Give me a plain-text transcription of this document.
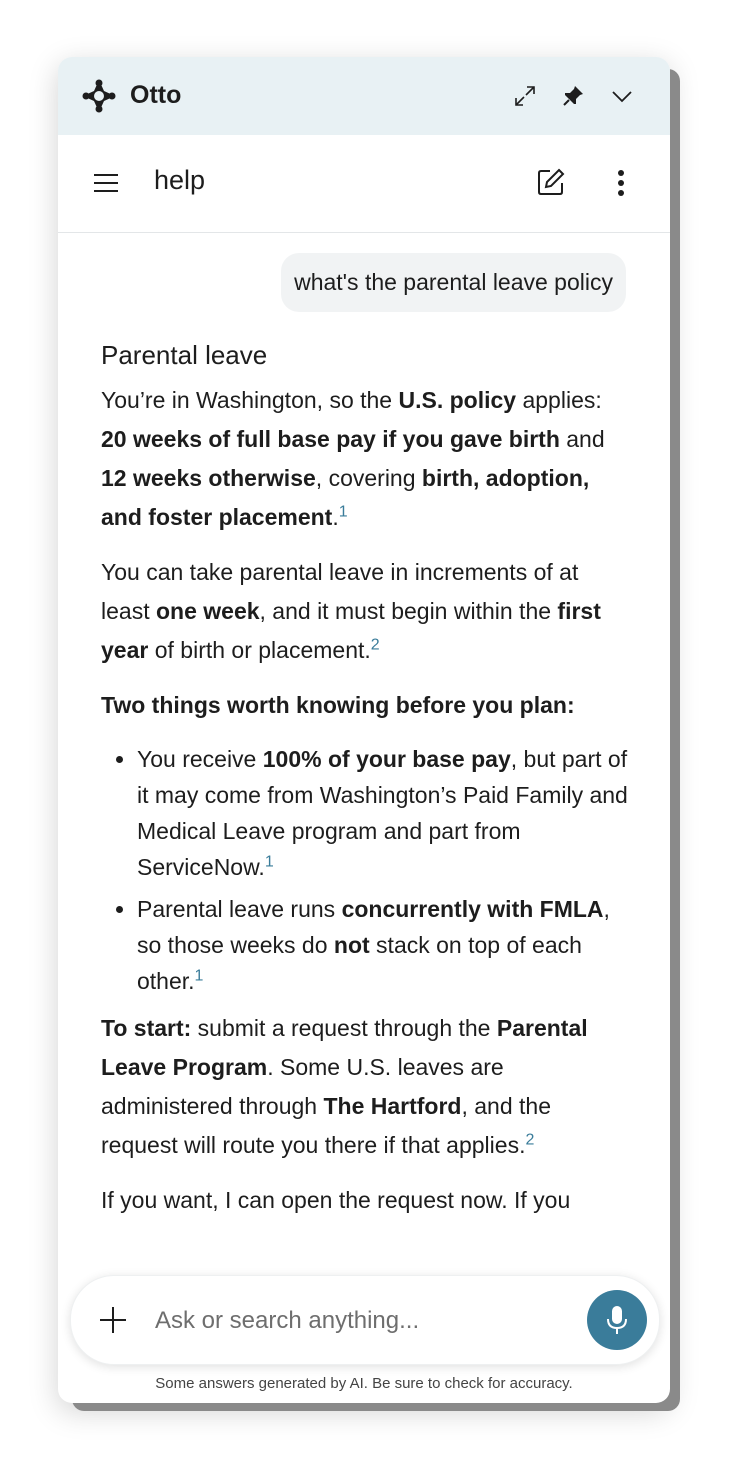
Otto
help
what's the parental leave policy
Parental leave

You’re in Washington, so the U.S. policy applies: 20 weeks of full base pay if you gave birth and 12 weeks otherwise, covering birth, adoption, and foster placement.$^1$

You can take parental leave in increments of at least one week, and it must begin within the first year of birth or placement.$^2$

Two things worth knowing before you plan:

• You receive 100% of your base pay, but part of it may come from Washington’s Paid Family and Medical Leave program and part from ServiceNow.$^1$
• Parental leave runs concurrently with FMLA, so those weeks do not stack on top of each other.$^1$

To start: submit a request through the Parental Leave Program. Some U.S. leaves are administered through The Hartford, and the request will route you there if that applies.$^2$

If you want, I can open the request now. If you

Ask or search anything...
Some answers generated by AI. Be sure to check for accuracy.
